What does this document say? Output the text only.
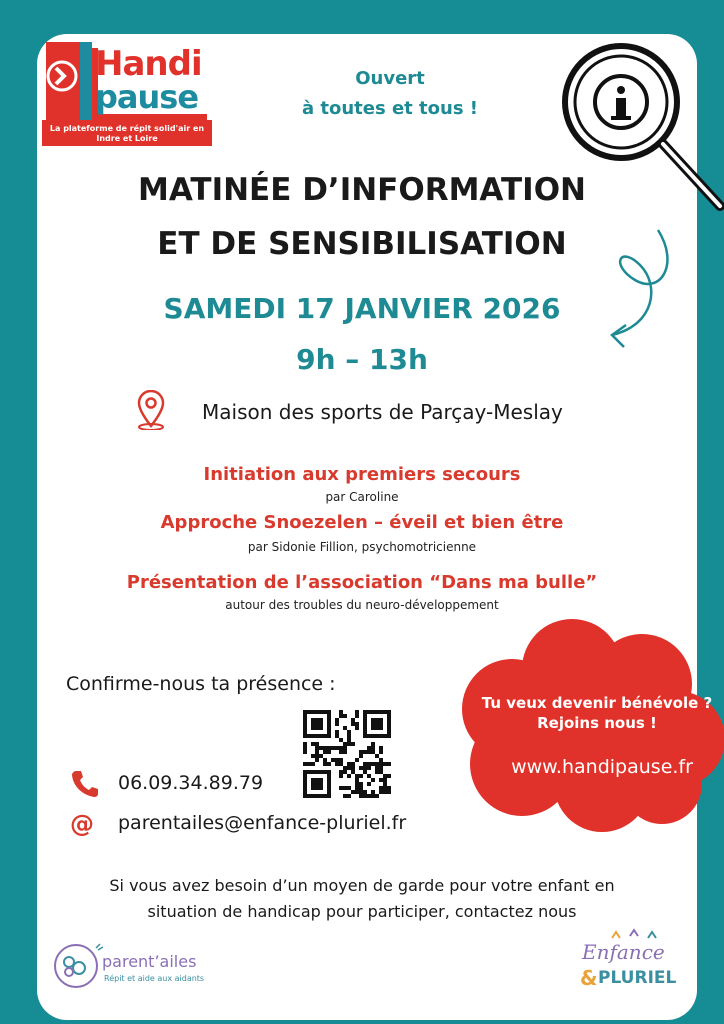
Handi
pause
La plateforme de répit solid'air en Indre et Loire
Ouvert
à toutes et tous !
MATINÉE D’INFORMATION
ET DE SENSIBILISATION
SAMEDI 17 JANVIER 2026
9h – 13h
Maison des sports de Parçay-Meslay
Initiation aux premiers secours
par Caroline
Approche Snoezelen – éveil et bien être
par Sidonie Fillion, psychomotricienne
Présentation de l’association “Dans ma bulle”
autour des troubles du neuro-développement
Confirme-nous ta présence :
06.09.34.89.79
@ parentailes@enfance-pluriel.fr
Tu veux devenir bénévole ?
Rejoins nous !
www.handipause.fr
Si vous avez besoin d’un moyen de garde pour votre enfant en
situation de handicap pour participer, contactez nous
parent’ailes
Répit et aide aux aidants
Enfance
& PLURIEL
